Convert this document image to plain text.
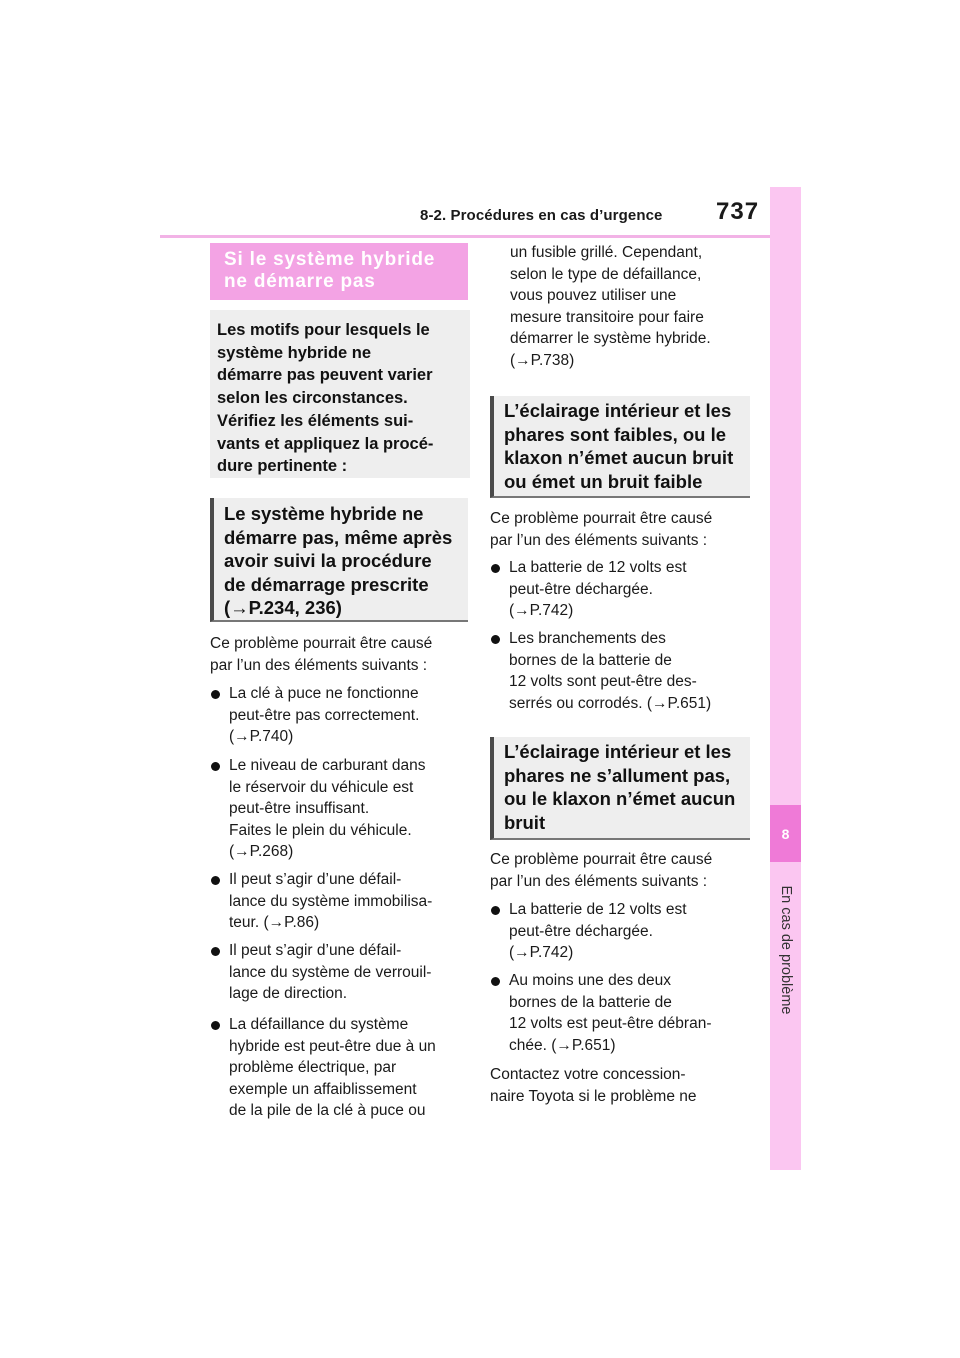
8-2. Procédures en cas d’urgence 737
8
En cas de problème
Si le système hybride
ne démarre pas
Les motifs pour lesquels le
système hybride ne
démarre pas peuvent varier
selon les circonstances.
Vérifiez les éléments sui-
vants et appliquez la procé-
dure pertinente :
Le système hybride ne
démarre pas, même après
avoir suivi la procédure
de démarrage prescrite
(→P.234, 236)
Ce problème pourrait être causé
par l’un des éléments suivants :
La clé à puce ne fonctionne
peut-être pas correctement.
(→P.740)
Le niveau de carburant dans
le réservoir du véhicule est
peut-être insuffisant.
Faites le plein du véhicule.
(→P.268)
Il peut s’agir d’une défail-
lance du système immobilisa-
teur. (→P.86)
Il peut s’agir d’une défail-
lance du système de verrouil-
lage de direction.
La défaillance du système
hybride est peut-être due à un
problème électrique, par
exemple un affaiblissement
de la pile de la clé à puce ou
un fusible grillé. Cependant,
selon le type de défaillance,
vous pouvez utiliser une
mesure transitoire pour faire
démarrer le système hybride.
(→P.738)
L’éclairage intérieur et les
phares sont faibles, ou le
klaxon n’émet aucun bruit
ou émet un bruit faible
Ce problème pourrait être causé
par l’un des éléments suivants :
La batterie de 12 volts est
peut-être déchargée.
(→P.742)
Les branchements des
bornes de la batterie de
12 volts sont peut-être des-
serrés ou corrodés. (→P.651)
L’éclairage intérieur et les
phares ne s’allument pas,
ou le klaxon n’émet aucun
bruit
Ce problème pourrait être causé
par l’un des éléments suivants :
La batterie de 12 volts est
peut-être déchargée.
(→P.742)
Au moins une des deux
bornes de la batterie de
12 volts est peut-être débran-
chée. (→P.651)
Contactez votre concession-
naire Toyota si le problème ne
